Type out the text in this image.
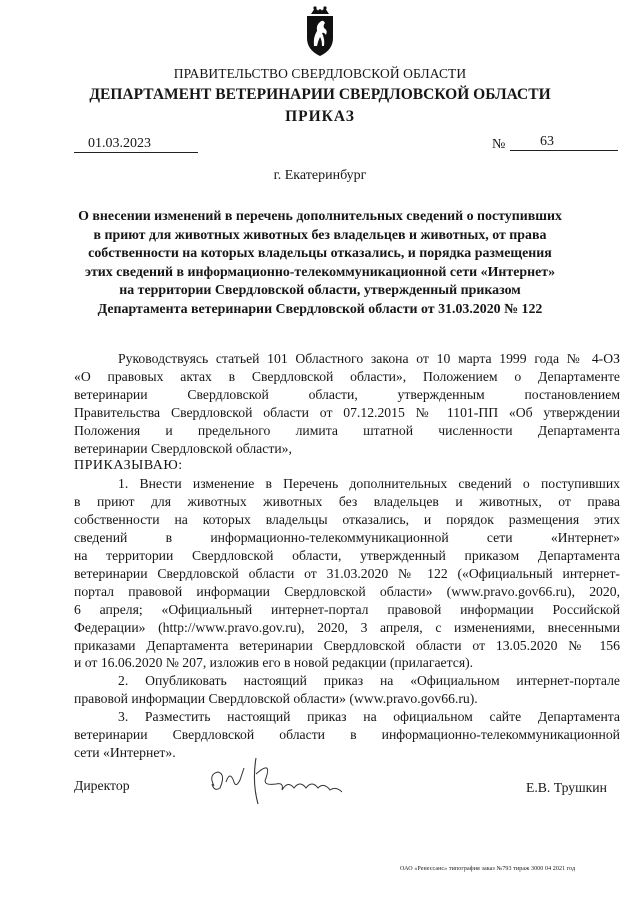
ПРАВИТЕЛЬСТВО СВЕРДЛОВСКОЙ ОБЛАСТИ
ДЕПАРТАМЕНТ ВЕТЕРИНАРИИ СВЕРДЛОВСКОЙ ОБЛАСТИ
ПРИКАЗ
01.03.2023	№	63
г. Екатеринбург
О внесении изменений в перечень дополнительных сведений о поступивших
в приют для животных животных без владельцев и животных, от права
собственности на которых владельцы отказались, и порядка размещения
этих сведений в информационно-телекоммуникационной сети «Интернет»
на территории Свердловской области, утвержденный приказом
Департамента ветеринарии Свердловской области от 31.03.2020 № 122

Руководствуясь статьей 101 Областного закона от 10 марта 1999 года № 4-ОЗ

«О правовых актах в Свердловской области», Положением о Департаменте

ветеринарии Свердловской области, утвержденным постановлением

Правительства Свердловской области от 07.12.2015 № 1101-ПП «Об утверждении

Положения и предельного лимита штатной численности Департамента

ветеринарии Свердловской области»,

ПРИКАЗЫВАЮ:

1. Внести изменение в Перечень дополнительных сведений о поступивших

в приют для животных животных без владельцев и животных, от права

собственности на которых владельцы отказались, и порядок размещения этих

сведений в информационно-телекоммуникационной сети «Интернет»

на территории Свердловской области, утвержденный приказом Департамента

ветеринарии Свердловской области от 31.03.2020 № 122 («Официальный интернет-

портал правовой информации Свердловской области» (www.pravo.gov66.ru), 2020,

6 апреля; «Официальный интернет-портал правовой информации Российской

Федерации» (http://www.pravo.gov.ru), 2020, 3 апреля, с изменениями, внесенными

приказами Департамента ветеринарии Свердловской области от 13.05.2020 № 156

и от 16.06.2020 № 207, изложив его в новой редакции (прилагается).

2. Опубликовать настоящий приказ на «Официальном интернет-портале

правовой информации Свердловской области» (www.pravo.gov66.ru).

3. Разместить настоящий приказ на официальном сайте Департамента

ветеринарии Свердловской области в информационно-телекоммуникационной

сети «Интернет».

Директор	Е.В. Трушкин
ОАО «Ренессанс» типография заказ №793 тираж 3000 04 2021 год
